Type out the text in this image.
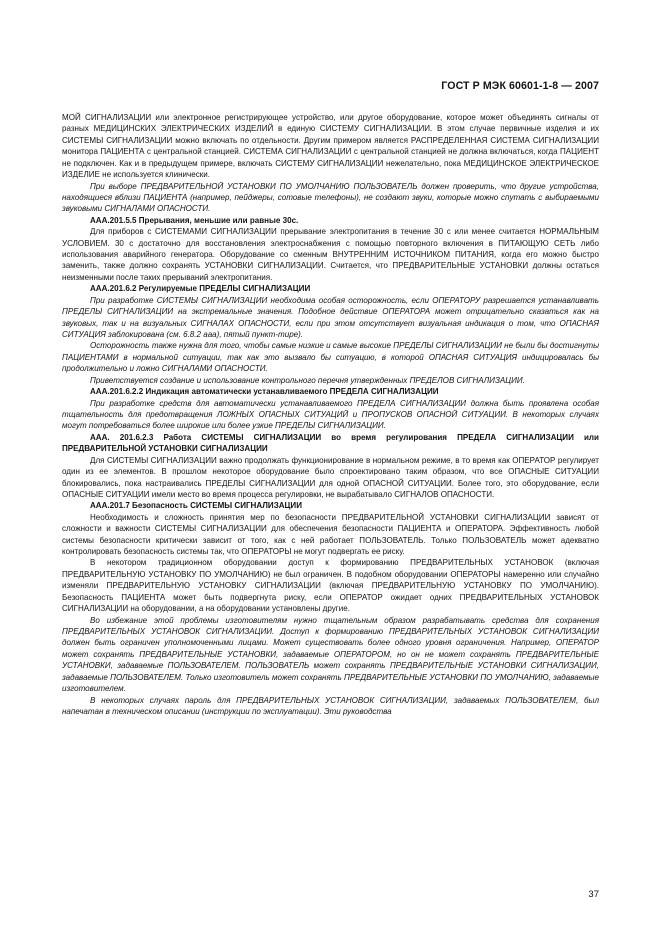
ГОСТ Р МЭК 60601-1-8 — 2007

МОЙ СИГНАЛИЗАЦИИ или электронное регистрирующее устройство, или другое оборудование, которое может объединять сигналы от разных МЕДИЦИНСКИХ ЭЛЕКТРИЧЕСКИХ ИЗДЕЛИЙ в единую СИСТЕМУ СИГНАЛИЗАЦИИ. В этом случае первичные изделия и их СИСТЕМЫ СИГНАЛИЗАЦИИ можно включать по отдельности. Другим примером является РАСПРЕДЕЛЕННАЯ СИСТЕМА СИГНАЛИЗАЦИИ монитора ПАЦИЕНТА с центральной станцией. СИСТЕМА СИГНАЛИЗАЦИИ с центральной станцией не должна включаться, когда ПАЦИЕНТ не подключен. Как и в предыдущем примере, включать СИСТЕМУ СИГНАЛИЗАЦИИ нежелательно, пока МЕДИЦИНСКОЕ ЭЛЕКТРИЧЕСКОЕ ИЗДЕЛИЕ не используется клинически.

При выборе ПРЕДВАРИТЕЛЬНОЙ УСТАНОВКИ ПО УМОЛЧАНИЮ ПОЛЬЗОВАТЕЛЬ должен проверить, что другие устройства, находящиеся вблизи ПАЦИЕНТА (например, пейджеры, сотовые телефоны), не создают звуки, которые можно спутать с выбираемыми звуковыми СИГНАЛАМИ ОПАСНОСТИ.

ААА.201.5.5 Прерывания, меньшие или равные 30с.

Для приборов с СИСТЕМАМИ СИГНАЛИЗАЦИИ прерывание электропитания в течение 30 с или менее считается НОРМАЛЬНЫМ УСЛОВИЕМ. 30 с достаточно для восстановления электроснабжения с помощью повторного включения в ПИТАЮЩУЮ СЕТЬ либо использования аварийного генератора. Оборудование со сменным ВНУТРЕННИМ ИСТОЧНИКОМ ПИТАНИЯ, когда его можно быстро заменить, также должно сохранять УСТАНОВКИ СИГНАЛИЗАЦИИ. Считается, что ПРЕДВАРИТЕЛЬНЫЕ УСТАНОВКИ должны остаться неизменными после таких прерываний электропитания.

ААА.201.6.2 Регулируемые ПРЕДЕЛЫ СИГНАЛИЗАЦИИ

При разработке СИСТЕМЫ СИГНАЛИЗАЦИИ необходима особая осторожность, если ОПЕРАТОРУ разрешается устанавливать ПРЕДЕЛЫ СИГНАЛИЗАЦИИ на экстремальные значения. Подобное действие ОПЕРАТОРА может отрицательно сказаться как на звуковых, так и на визуальных СИГНАЛАХ ОПАСНОСТИ, если при этом отсутствует визуальная индикация о том, что ОПАСНАЯ СИТУАЦИЯ заблокирована (см. 6.8.2 ааа), пятый пункт-тире).

Осторожность также нужна для того, чтобы самые низкие и самые высокие ПРЕДЕЛЫ СИГНАЛИЗАЦИИ не были бы достигнуты ПАЦИЕНТАМИ в нормальной ситуации, так как это вызвало бы ситуацию, в которой ОПАСНАЯ СИТУАЦИЯ индицировалась бы продолжительно и ложно СИГНАЛАМИ ОПАСНОСТИ.

Приветствуется создание и использование контрольного перечня утвержденных ПРЕДЕЛОВ СИГНАЛИЗАЦИИ.

ААА.201.6.2.2 Индикация автоматически устанавливаемого ПРЕДЕЛА СИГНАЛИЗАЦИИ

При разработке средств для автоматически устанавливаемого ПРЕДЕЛА СИГНАЛИЗАЦИИ должна быть проявлена особая тщательность для предотвращения ЛОЖНЫХ ОПАСНЫХ СИТУАЦИЙ и ПРОПУСКОВ ОПАСНОЙ СИТУАЦИИ. В некоторых случаях могут потребоваться более широкие или более узкие ПРЕДЕЛЫ СИГНАЛИЗАЦИИ.

ААА. 201.6.2.3 Работа СИСТЕМЫ СИГНАЛИЗАЦИИ во время регулирования ПРЕДЕЛА СИГНАЛИЗАЦИИ или ПРЕДВАРИТЕЛЬНОЙ УСТАНОВКИ СИГНАЛИЗАЦИИ

Для СИСТЕМЫ СИГНАЛИЗАЦИИ важно продолжать функционирование в нормальном режиме, в то время как ОПЕРАТОР регулирует один из ее элементов. В прошлом некоторое оборудование было спроектировано таким образом, что все ОПАСНЫЕ СИТУАЦИИ блокировались, пока настраивались ПРЕДЕЛЫ СИГНАЛИЗАЦИИ для одной ОПАСНОЙ СИТУАЦИИ. Более того, это оборудование, если ОПАСНЫЕ СИТУАЦИИ имели место во время процесса регулировки, не вырабатывало СИГНАЛОВ ОПАСНОСТИ.

ААА.201.7 Безопасность СИСТЕМЫ СИГНАЛИЗАЦИИ

Необходимость и сложность принятия мер по безопасности ПРЕДВАРИТЕЛЬНОЙ УСТАНОВКИ СИГНАЛИЗАЦИИ зависят от сложности и важности СИСТЕМЫ СИГНАЛИЗАЦИИ для обеспечения безопасности ПАЦИЕНТА и ОПЕРАТОРА. Эффективность любой системы безопасности критически зависит от того, как с ней работает ПОЛЬЗОВАТЕЛЬ. Только ПОЛЬЗОВАТЕЛЬ может адекватно контролировать безопасность системы так, что ОПЕРАТОРЫ не могут подвергать ее риску.

В некотором традиционном оборудовании доступ к формированию ПРЕДВАРИТЕЛЬНЫХ УСТАНОВОК (включая ПРЕДВАРИТЕЛЬНУЮ УСТАНОВКУ ПО УМОЛЧАНИЮ) не был ограничен. В подобном оборудовании ОПЕРАТОРЫ намеренно или случайно изменяли ПРЕДВАРИТЕЛЬНУЮ УСТАНОВКУ СИГНАЛИЗАЦИИ (включая ПРЕДВАРИТЕЛЬНУЮ УСТАНОВКУ ПО УМОЛЧАНИЮ). Безопасность ПАЦИЕНТА может быть подвергнута риску, если ОПЕРАТОР ожидает одних ПРЕДВАРИТЕЛЬНЫХ УСТАНОВОК СИГНАЛИЗАЦИИ на оборудовании, а на оборудовании установлены другие.

Во избежание этой проблемы изготовителям нужно тщательным образом разрабатывать средства для сохранения ПРЕДВАРИТЕЛЬНЫХ УСТАНОВОК СИГНАЛИЗАЦИИ. Доступ к формированию ПРЕДВАРИТЕЛЬНЫХ УСТАНОВОК СИГНАЛИЗАЦИИ должен быть ограничен уполномоченными лицами. Может существовать более одного уровня ограничения. Например, ОПЕРАТОР может сохранять ПРЕДВАРИТЕЛЬНЫЕ УСТАНОВКИ, задаваемые ОПЕРАТОРОМ, но он не может сохранять ПРЕДВАРИТЕЛЬНЫЕ УСТАНОВКИ, задаваемые ПОЛЬЗОВАТЕЛЕМ. ПОЛЬЗОВАТЕЛЬ может сохранять ПРЕДВАРИТЕЛЬНЫЕ УСТАНОВКИ СИГНАЛИЗАЦИИ, задаваемые ПОЛЬЗОВАТЕЛЕМ. Только изготовитель может сохранять ПРЕДВАРИТЕЛЬНЫЕ УСТАНОВКИ ПО УМОЛЧАНИЮ, задаваемые изготовителем.

В некоторых случаях пароль для ПРЕДВАРИТЕЛЬНЫХ УСТАНОВОК СИГНАЛИЗАЦИИ, задаваемых ПОЛЬЗОВАТЕЛЕМ, был напечатан в техническом описании (инструкции по эксплуатации). Эти руководства

37
